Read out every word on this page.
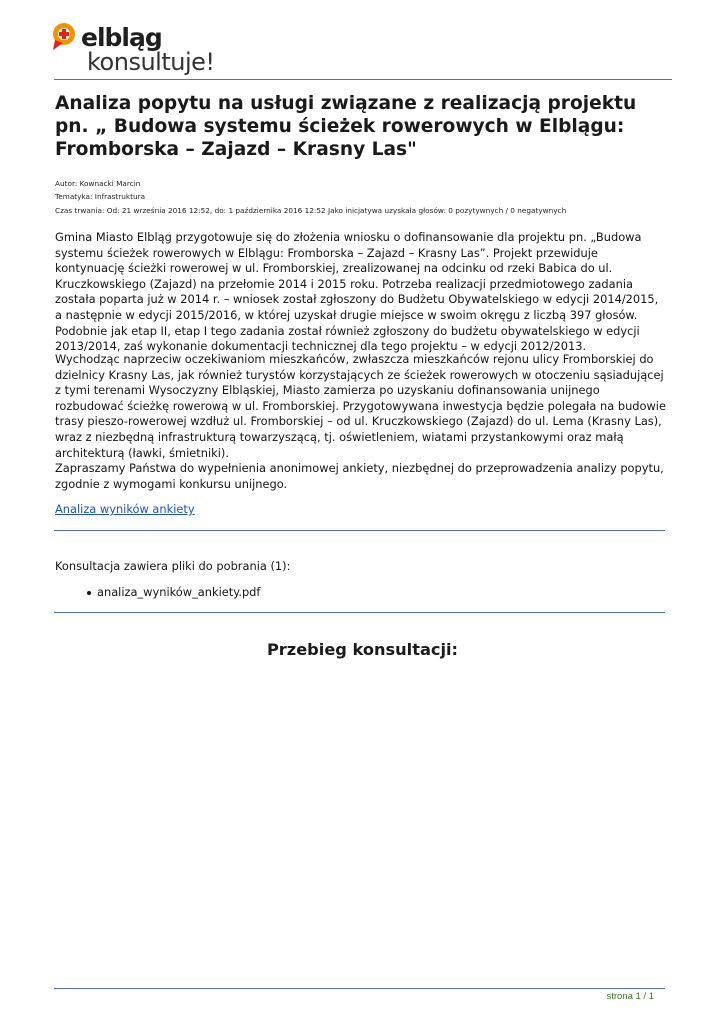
elbląg
konsultuje!
Analiza popytu na usługi związane z realizacją projektu pn. „ Budowa systemu ścieżek rowerowych w Elblągu: Fromborska – Zajazd – Krasny Las"

Autor: Kownacki Marcin

Tematyka: Infrastruktura

Czas trwania: Od: 21 września 2016 12:52, do: 1 października 2016 12:52 Jako inicjatywa uzyskała głosów: 0 pozytywnych / 0 negatywnych

Gmina Miasto Elbląg przygotowuje się do złożenia wniosku o dofinansowanie dla projektu pn. „Budowa systemu ścieżek rowerowych w Elblągu: Fromborska – Zajazd – Krasny Las”. Projekt przewiduje kontynuację ścieżki rowerowej w ul. Fromborskiej, zrealizowanej na odcinku od rzeki Babica do ul. Kruczkowskiego (Zajazd) na przełomie 2014 i 2015 roku. Potrzeba realizacji przedmiotowego zadania została poparta już w 2014 r. – wniosek został zgłoszony do Budżetu Obywatelskiego w edycji 2014/2015, a następnie w edycji 2015/2016, w której uzyskał drugie miejsce w swoim okręgu z liczbą 397 głosów. Podobnie jak etap II, etap I tego zadania został również zgłoszony do budżetu obywatelskiego w edycji 2013/2014, zaś wykonanie dokumentacji technicznej dla tego projektu – w edycji 2012/2013.

Wychodząc naprzeciw oczekiwaniom mieszkańców, zwłaszcza mieszkańców rejonu ulicy Fromborskiej do dzielnicy Krasny Las, jak również turystów korzystających ze ścieżek rowerowych w otoczeniu sąsiadującej z tymi terenami Wysoczyzny Elbląskiej, Miasto zamierza po uzyskaniu dofinansowania unijnego rozbudować ścieżkę rowerową w ul. Fromborskiej. Przygotowywana inwestycja będzie polegała na budowie trasy pieszo-rowerowej wzdłuż ul. Fromborskiej – od ul. Kruczkowskiego (Zajazd) do ul. Lema (Krasny Las), wraz z niezbędną infrastrukturą towarzyszącą, tj. oświetleniem, wiatami przystankowymi oraz małą architekturą (ławki, śmietniki).

Zapraszamy Państwa do wypełnienia anonimowej ankiety, niezbędnej do przeprowadzenia analizy popytu, zgodnie z wymogami konkursu unijnego.

Analiza wyników ankiety
Konsultacja zawiera pliki do pobrania (1):
analiza_wyników_ankiety.pdf
Przebieg konsultacji:
strona 1 / 1
